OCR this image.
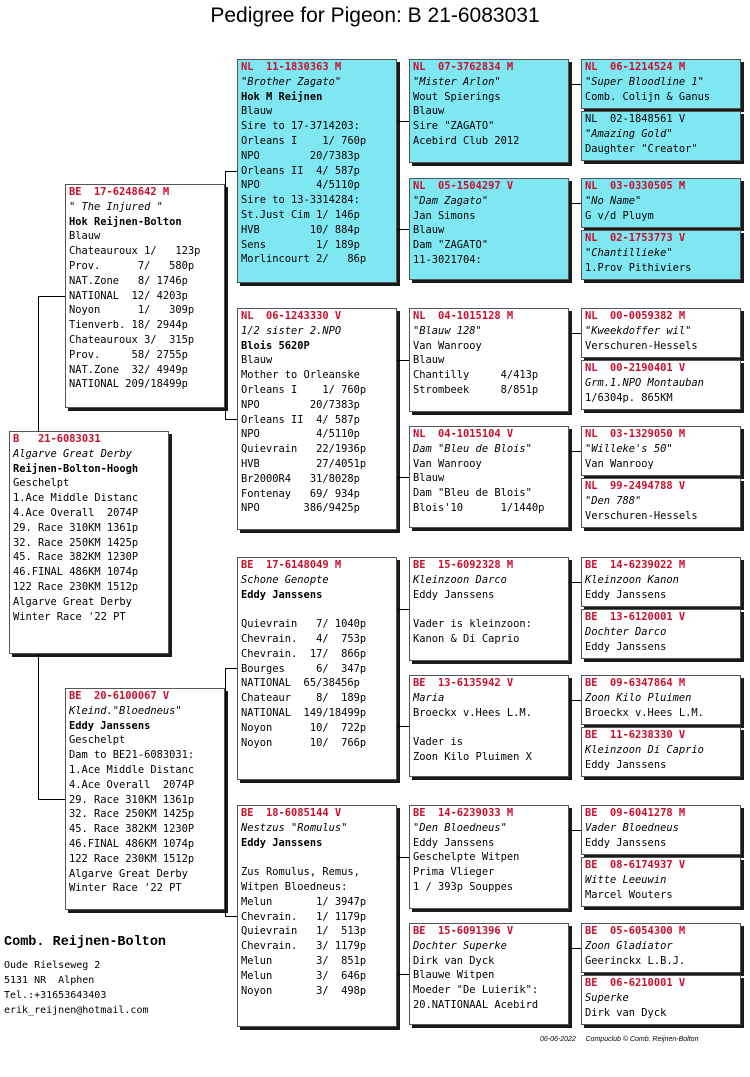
Pedigree for Pigeon: B 21-6083031
B   21-6083031
Algarve Great Derby
Reijnen-Bolton-Hoogh
Geschelpt
1.Ace Middle Distanc
4.Ace Overall  2074P
29. Race 310KM 1361p
32. Race 250KM 1425p
45. Race 382KM 1230P
46.FINAL 486KM 1074p
122 Race 230KM 1512p
Algarve Great Derby
Winter Race '22 PT
BE  17-6248642 M
" The Injured "
Hok Reijnen-Bolton
Blauw
Chateauroux 1/   123p
Prov.      7/   580p
NAT.Zone   8/ 1746p
NATIONAL  12/ 4203p
Noyon      1/   309p
Tienverb. 18/ 2944p
Chateauroux 3/  315p
Prov.     58/ 2755p
NAT.Zone  32/ 4949p
NATIONAL 209/18499p
BE  20-6100067 V
Kleind."Bloedneus"
Eddy Janssens
Geschelpt
Dam to BE21-6083031:
1.Ace Middle Distanc
4.Ace Overall  2074P
29. Race 310KM 1361p
32. Race 250KM 1425p
45. Race 382KM 1230P
46.FINAL 486KM 1074p
122 Race 230KM 1512p
Algarve Great Derby
Winter Race '22 PT
NL  11-1830363 M
"Brother Zagato"
Hok M Reijnen
Blauw
Sire to 17-3714203:
Orleans I    1/ 760p
NPO        20/7383p
Orleans II  4/ 587p
NPO         4/5110p
Sire to 13-3314284:
St.Just Cim 1/ 146p
HVB        10/ 884p
Sens        1/ 189p
Morlincourt 2/   86p
NL  06-1243330 V
1/2 sister 2.NPO
Blois 5620P
Blauw
Mother to Orleanske
Orleans I    1/ 760p
NPO        20/7383p
Orleans II  4/ 587p
NPO         4/5110p
Quievrain   22/1936p
HVB         27/4051p
Br2000R4   31/8028p
Fontenay   69/ 934p
NPO       386/9425p
BE  17-6148049 M
Schone Genopte
Eddy Janssens
Quievrain   7/ 1040p
Chevrain.   4/  753p
Chevrain.  17/  866p
Bourges     6/  347p
NATIONAL  65/38456p
Chateaur    8/  189p
NATIONAL  149/18499p
Noyon      10/  722p
Noyon      10/  766p
BE  18-6085144 V
Nestzus "Romulus"
Eddy Janssens
Zus Romulus, Remus,
Witpen Bloedneus:
Melun       1/ 3947p
Chevrain.   1/ 1179p
Quievrain   1/  513p
Chevrain.   3/ 1179p
Melun       3/  851p
Melun       3/  646p
Noyon       3/  498p
NL  07-3762834 M
"Mister Arlon"
Wout Spierings
Blauw
Sire "ZAGATO"
Acebird Club 2012
NL  05-1504297 V
"Dam Zagato"
Jan Simons
Blauw
Dam "ZAGATO"
11-3021704:
NL  04-1015128 M
"Blauw 128"
Van Wanrooy
Blauw
Chantilly     4/413p
Strombeek     8/851p
NL  04-1015104 V
Dam "Bleu de Blois"
Van Wanrooy
Blauw
Dam "Bleu de Blois"
Blois'10      1/1440p
BE  15-6092328 M
Kleinzoon Darco
Eddy Janssens
Vader is kleinzoon:
Kanon & Di Caprio
BE  13-6135942 V
Maria
Broeckx v.Hees L.M.
Vader is
Zoon Kilo Pluimen X
BE  14-6239033 M
"Den Bloedneus"
Eddy Janssens
Geschelpte Witpen
Prima Vlieger
1 / 393p Souppes
BE  15-6091396 V
Dochter Superke
Dirk van Dyck
Blauwe Witpen
Moeder "De Luierik":
20.NATIONAAL Acebird
NL  06-1214524 M
"Super Bloodline 1"
Comb. Colijn & Ganus
NL  02-1848561 V
"Amazing Gold"
Daughter "Creator"
NL  03-0330505 M
"No Name"
G v/d Pluym
NL  02-1753773 V
"Chantillieke"
1.Prov Pithiviers
NL  00-0059382 M
"Kweekdoffer wil"
Verschuren-Hessels
NL  00-2190401 V
Grm.1.NPO Montauban
1/6304p. 865KM
NL  03-1329050 M
"Willeke's 50"
Van Wanrooy
NL  99-2494788 V
"Den 788"
Verschuren-Hessels
BE  14-6239022 M
Kleinzoon Kanon
Eddy Janssens
BE  13-6120001 V
Dochter Darco
Eddy Janssens
BE  09-6347864 M
Zoon Kilo Pluimen
Broeckx v.Hees L.M.
BE  11-6238330 V
Kleinzoon Di Caprio
Eddy Janssens
BE  09-6041278 M
Vader Bloedneus
Eddy Janssens
BE  08-6174937 V
Witte Leeuwin
Marcel Wouters
BE  05-6054300 M
Zoon Gladiator
Geerinckx L.B.J.
BE  06-6210001 V
Superke
Dirk van Dyck
Comb. Reijnen-Bolton
Oude Rielseweg 2
5131 NR  Alphen
Tel.:+31653643403
erik_reijnen@hotmail.com
06-06-2022     Compuclub © Comb. Reijnen-Bolton
